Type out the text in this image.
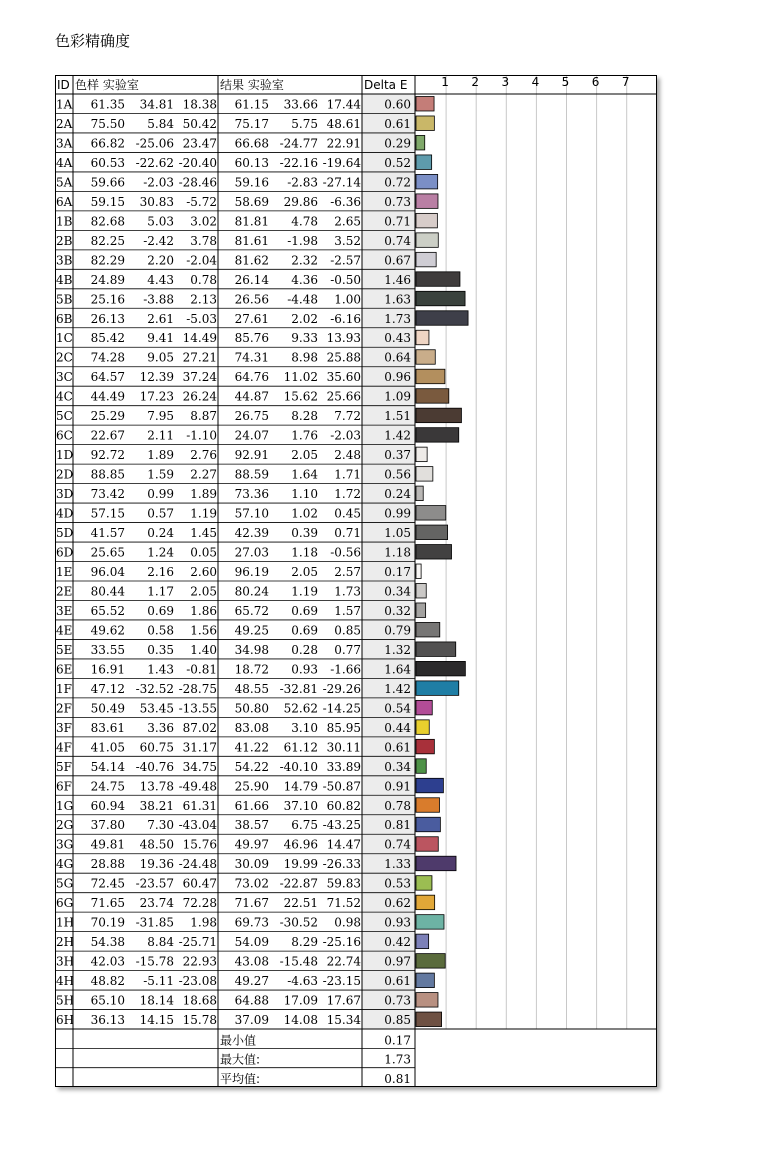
色彩精确度
ID 色样 实验室	结果 实验室	Delta E	1 2 3 4 5 6 7
1A 61.35 34.81 18.38 61.15 33.66 17.44 0.60
2A 75.50 5.84 50.42 75.17 5.75 48.61 0.61
3A 66.82 -25.06 23.47 66.68 -24.77 22.91 0.29
4A 60.53 -22.62 -20.40 60.13 -22.16 -19.64 0.52
5A 59.66 -2.03 -28.46 59.16 -2.83 -27.14 0.72
6A 59.15 30.83 -5.72 58.69 29.86 -6.36 0.73
1B 82.68 5.03 3.02 81.81 4.78 2.65 0.71
2B 82.25 -2.42 3.78 81.61 -1.98 3.52 0.74
3B 82.29 2.20 -2.04 81.62 2.32 -2.57 0.67
4B 24.89 4.43 0.78 26.14 4.36 -0.50 1.46
5B 25.16 -3.88 2.13 26.56 -4.48 1.00 1.63
6B 26.13 2.61 -5.03 27.61 2.02 -6.16 1.73
1C 85.42 9.41 14.49 85.76 9.33 13.93 0.43
2C 74.28 9.05 27.21 74.31 8.98 25.88 0.64
3C 64.57 12.39 37.24 64.76 11.02 35.60 0.96
4C 44.49 17.23 26.24 44.87 15.62 25.66 1.09
5C 25.29 7.95 8.87 26.75 8.28 7.72 1.51
6C 22.67 2.11 -1.10 24.07 1.76 -2.03 1.42
1D 92.72 1.89 2.76 92.91 2.05 2.48 0.37
2D 88.85 1.59 2.27 88.59 1.64 1.71 0.56
3D 73.42 0.99 1.89 73.36 1.10 1.72 0.24
4D 57.15 0.57 1.19 57.10 1.02 0.45 0.99
5D 41.57 0.24 1.45 42.39 0.39 0.71 1.05
6D 25.65 1.24 0.05 27.03 1.18 -0.56 1.18
1E 96.04 2.16 2.60 96.19 2.05 2.57 0.17
2E 80.44 1.17 2.05 80.24 1.19 1.73 0.34
3E 65.52 0.69 1.86 65.72 0.69 1.57 0.32
4E 49.62 0.58 1.56 49.25 0.69 0.85 0.79
5E 33.55 0.35 1.40 34.98 0.28 0.77 1.32
6E 16.91 1.43 -0.81 18.72 0.93 -1.66 1.64
1F 47.12 -32.52 -28.75 48.55 -32.81 -29.26 1.42
2F 50.49 53.45 -13.55 50.80 52.62 -14.25 0.54
3F 83.61 3.36 87.02 83.08 3.10 85.95 0.44
4F 41.05 60.75 31.17 41.22 61.12 30.11 0.61
5F 54.14 -40.76 34.75 54.22 -40.10 33.89 0.34
6F 24.75 13.78 -49.48 25.90 14.79 -50.87 0.91
1G 60.94 38.21 61.31 61.66 37.10 60.82 0.78
2G 37.80 7.30 -43.04 38.57 6.75 -43.25 0.81
3G 49.81 48.50 15.76 49.97 46.96 14.47 0.74
4G 28.88 19.36 -24.48 30.09 19.99 -26.33 1.33
5G 72.45 -23.57 60.47 73.02 -22.87 59.83 0.53
6G 71.65 23.74 72.28 71.67 22.51 71.52 0.62
1H 70.19 -31.85 1.98 69.73 -30.52 0.98 0.93
2H 54.38 8.84 -25.71 54.09 8.29 -25.16 0.42
3H 42.03 -15.78 22.93 43.08 -15.48 22.74 0.97
4H 48.82 -5.11 -23.08 49.27 -4.63 -23.15 0.61
5H 65.10 18.14 18.68 64.88 17.09 17.67 0.73
6H 36.13 14.15 15.78 37.09 14.08 15.34 0.85
最小值	0.17
最大值:	1.73
平均值:	0.81
